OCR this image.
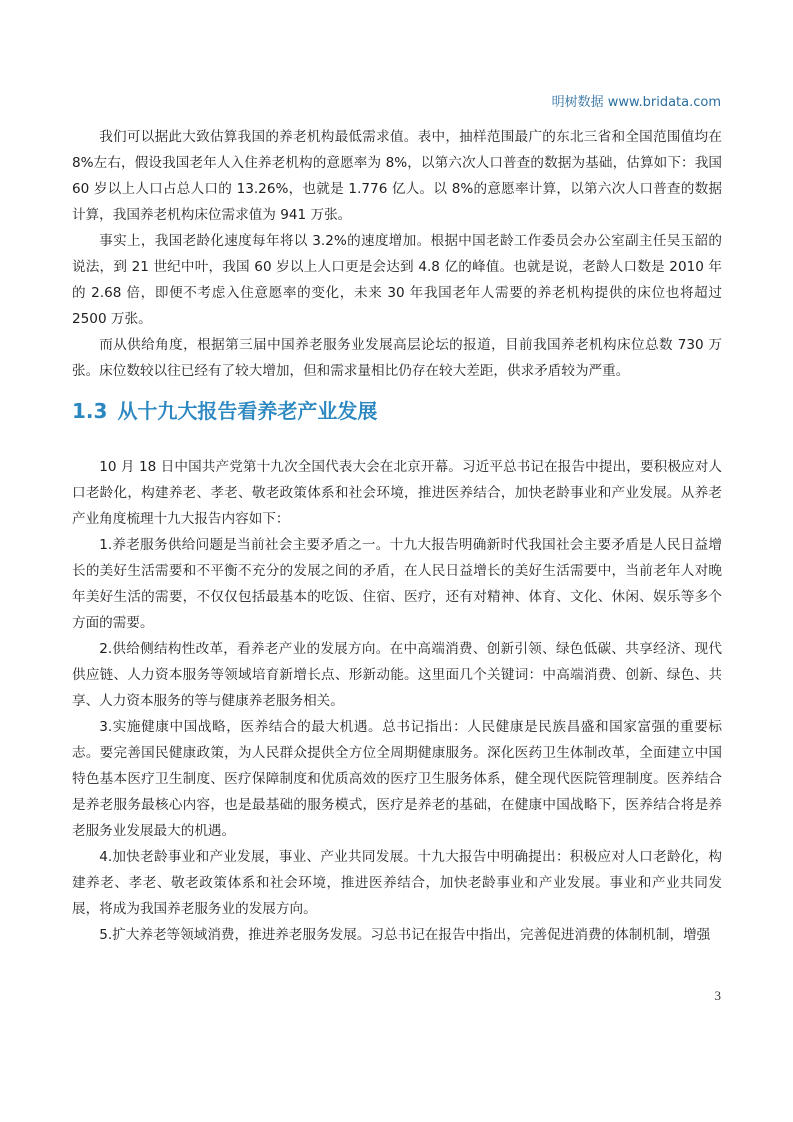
明树数据 www.bridata.com

我们可以据此大致估算我国的养老机构最低需求值。表中，抽样范围最广的东北三省和全国范围值均在 8%左右，假设我国老年人入住养老机构的意愿率为 8%，以第六次人口普查的数据为基础，估算如下：我国 60 岁以上人口占总人口的 13.26%，也就是 1.776 亿人。以 8%的意愿率计算，以第六次人口普查的数据计算，我国养老机构床位需求值为 941 万张。

事实上，我国老龄化速度每年将以 3.2%的速度增加。根据中国老龄工作委员会办公室副主任吴玉韶的说法，到 21 世纪中叶，我国 60 岁以上人口更是会达到 4.8 亿的峰值。也就是说，老龄人口数是 2010 年的 2.68 倍，即便不考虑入住意愿率的变化，未来 30 年我国老年人需要的养老机构提供的床位也将超过 2500 万张。

而从供给角度，根据第三届中国养老服务业发展高层论坛的报道，目前我国养老机构床位总数 730 万张。床位数较以往已经有了较大增加，但和需求量相比仍存在较大差距，供求矛盾较为严重。

1.3 从十九大报告看养老产业发展

10 月 18 日中国共产党第十九次全国代表大会在北京开幕。习近平总书记在报告中提出，要积极应对人口老龄化，构建养老、孝老、敬老政策体系和社会环境，推进医养结合，加快老龄事业和产业发展。从养老产业角度梳理十九大报告内容如下：

1.养老服务供给问题是当前社会主要矛盾之一。十九大报告明确新时代我国社会主要矛盾是人民日益增长的美好生活需要和不平衡不充分的发展之间的矛盾，在人民日益增长的美好生活需要中，当前老年人对晚年美好生活的需要，不仅仅包括最基本的吃饭、住宿、医疗，还有对精神、体育、文化、休闲、娱乐等多个方面的需要。

2.供给侧结构性改革，看养老产业的发展方向。在中高端消费、创新引领、绿色低碳、共享经济、现代供应链、人力资本服务等领域培育新增长点、形新动能。这里面几个关键词：中高端消费、创新、绿色、共享、人力资本服务的等与健康养老服务相关。

3.实施健康中国战略，医养结合的最大机遇。总书记指出：人民健康是民族昌盛和国家富强的重要标志。要完善国民健康政策，为人民群众提供全方位全周期健康服务。深化医药卫生体制改革，全面建立中国特色基本医疗卫生制度、医疗保障制度和优质高效的医疗卫生服务体系，健全现代医院管理制度。医养结合是养老服务最核心内容，也是最基础的服务模式，医疗是养老的基础，在健康中国战略下，医养结合将是养老服务业发展最大的机遇。

4.加快老龄事业和产业发展，事业、产业共同发展。十九大报告中明确提出：积极应对人口老龄化，构建养老、孝老、敬老政策体系和社会环境，推进医养结合，加快老龄事业和产业发展。事业和产业共同发展，将成为我国养老服务业的发展方向。

5.扩大养老等领域消费，推进养老服务发展。习总书记在报告中指出，完善促进消费的体制机制，增强

3
